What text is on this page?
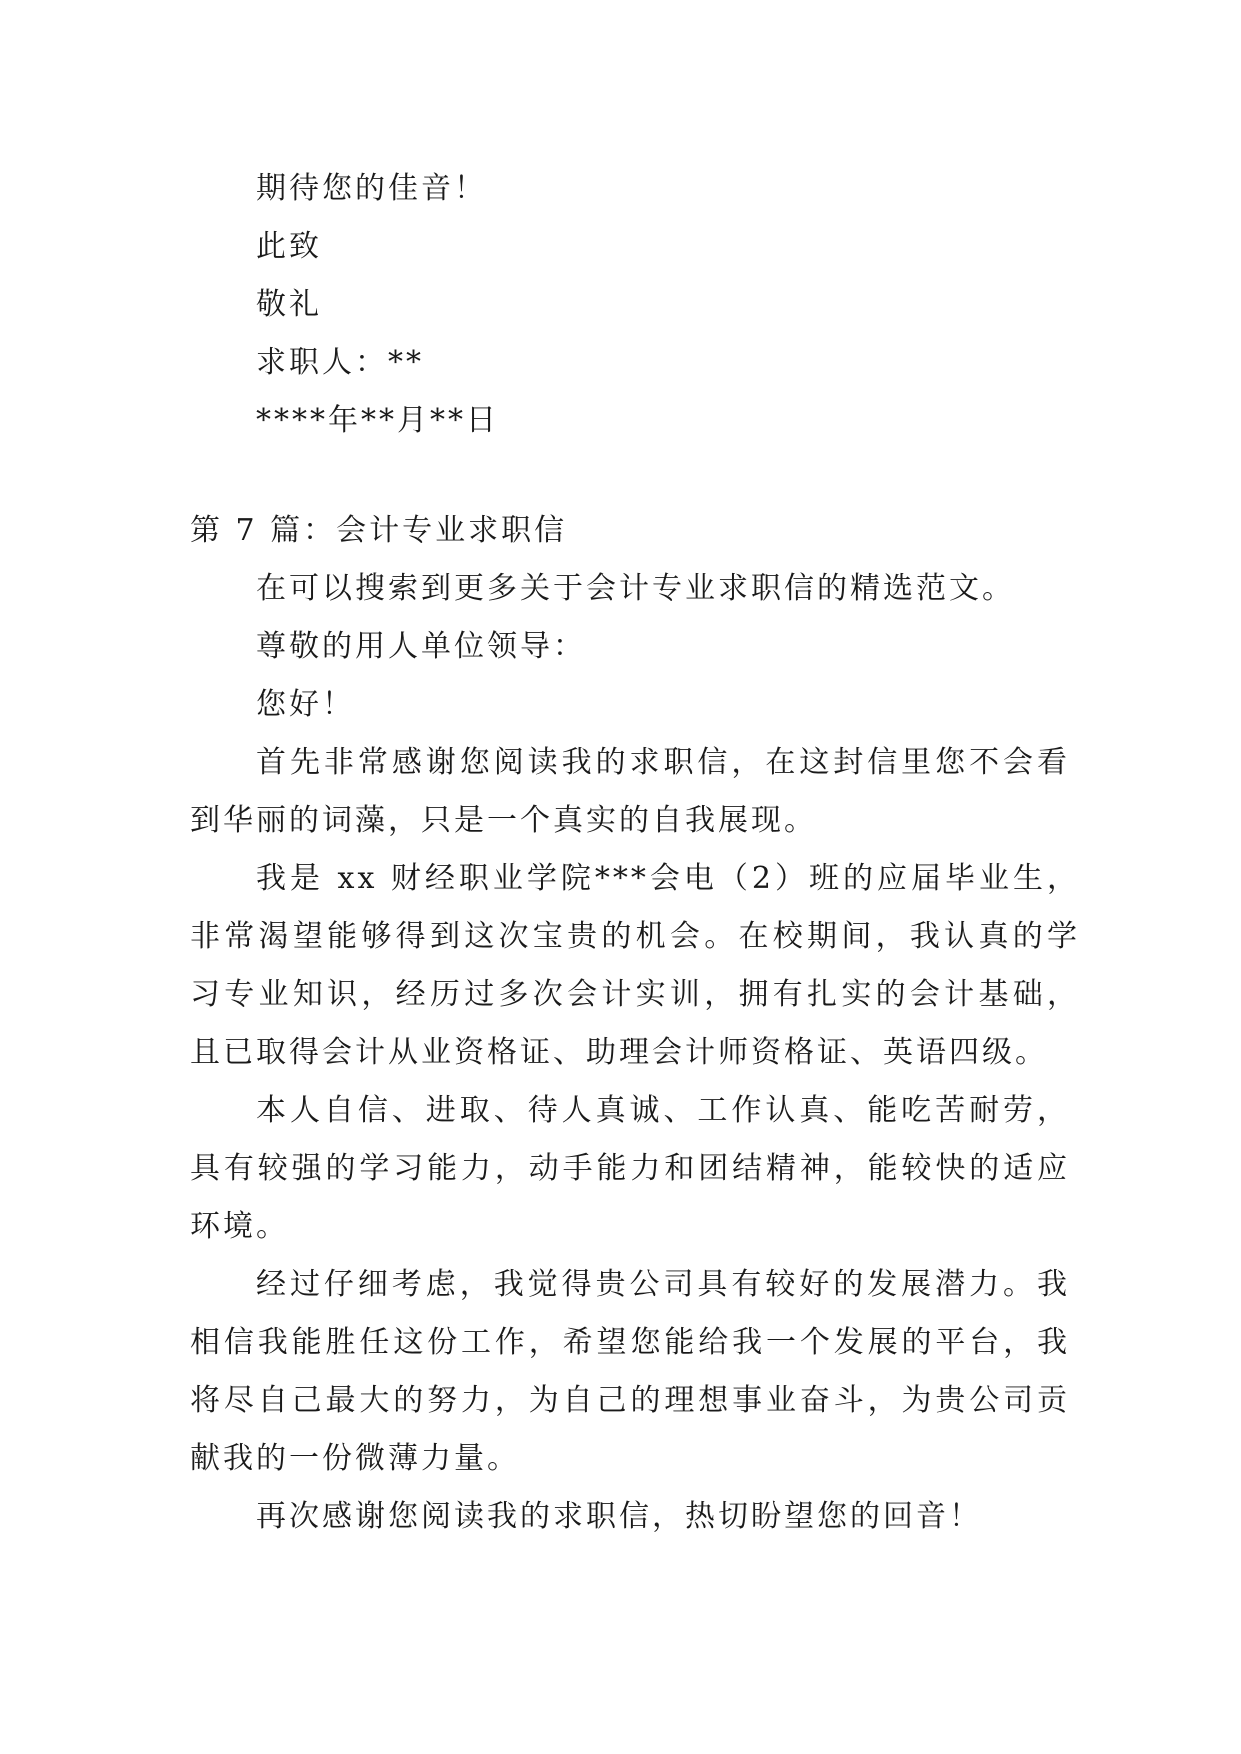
期待您的佳音！
此致
敬礼
求职人：**
****年**月**日
第 7 篇：会计专业求职信
在可以搜索到更多关于会计专业求职信的精选范文。
尊敬的用人单位领导：
您好！

首先非常感谢您阅读我的求职信，在这封信里您不会看到华丽的词藻，只是一个真实的自我展现。

我是 xx 财经职业学院***会电（2）班的应届毕业生，非常渴望能够得到这次宝贵的机会。在校期间，我认真的学习专业知识，经历过多次会计实训，拥有扎实的会计基础，且已取得会计从业资格证、助理会计师资格证、英语四级。

本人自信、进取、待人真诚、工作认真、能吃苦耐劳，具有较强的学习能力，动手能力和团结精神，能较快的适应环境。

经过仔细考虑，我觉得贵公司具有较好的发展潜力。我相信我能胜任这份工作，希望您能给我一个发展的平台，我将尽自己最大的努力，为自己的理想事业奋斗，为贵公司贡献我的一份微薄力量。

再次感谢您阅读我的求职信，热切盼望您的回音！
